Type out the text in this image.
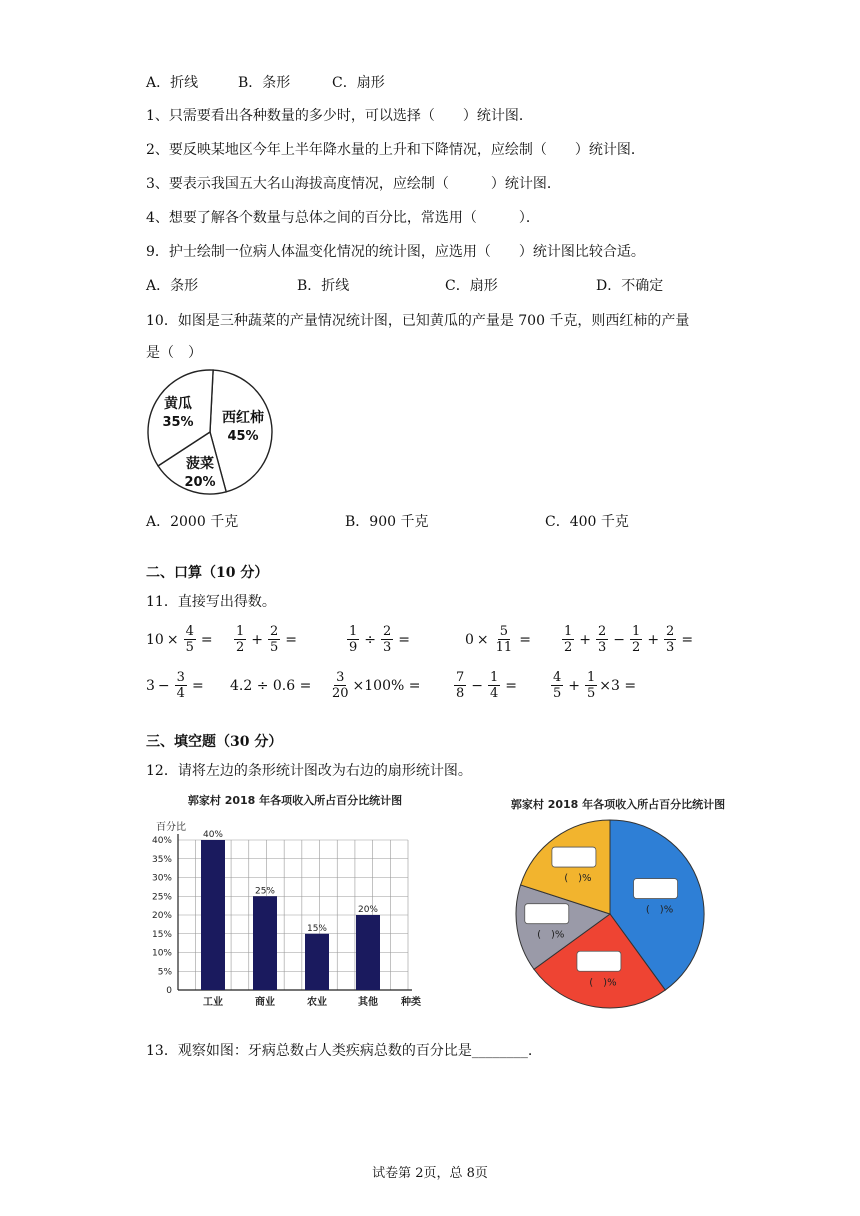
A．折线	B．条形	C．扇形
1、只需要看出各种数量的多少时，可以选择（　　）统计图．
2、要反映某地区今年上半年降水量的上升和下降情况，应绘制（　　）统计图．
3、要表示我国五大名山海拔高度情况，应绘制（　　　）统计图．
4、想要了解各个数量与总体之间的百分比，常选用（　　　）．
9．护士绘制一位病人体温变化情况的统计图，应选用（　　）统计图比较合适。
A．条形	B．折线	C．扇形	D．不确定
10．如图是三种蔬菜的产量情况统计图，已知黄瓜的产量是 700 千克，则西红柿的产量
是（　）
黄瓜
35% 西红柿
45%
菠菜
20%
A．2000 千克	B．900 千克	C．400 千克
二、口算（10 分）
11．直接写出得数。
$10 \times \frac{4}{5} = \frac{1}{2} + \frac{2}{5}$ =	$\frac{1}{9} \div \frac{2}{3}$ =	$0 \times \frac{5}{11} = \frac{1}{2} + \frac{2}{3} - \frac{1}{2} + \frac{2}{3}$ =
$3 - \frac{3}{4} = 4.2 \div 0.6 = \frac{3}{20} \times 100\%$ =	$\frac{7}{8} - \frac{1}{4}$ =	$\frac{4}{5} + \frac{1}{5} \times 3$ =
三、填空题（30 分）
12．请将左边的条形统计图改为右边的扇形统计图。
郭家村 2018 年各项收入所占百分比统计图
百分比
0
5%
10%
15%
20%
25%
30%
35%
40%
40%
工业
25%
商业
15%
农业
20%
其他 种类
郭家村 2018 年各项收入所占百分比统计图
(　)%
(　)%
(　)%
(　)%
13．观察如图：牙病总数占人类疾病总数的百分比是________.
试卷第 2页，总 8页
